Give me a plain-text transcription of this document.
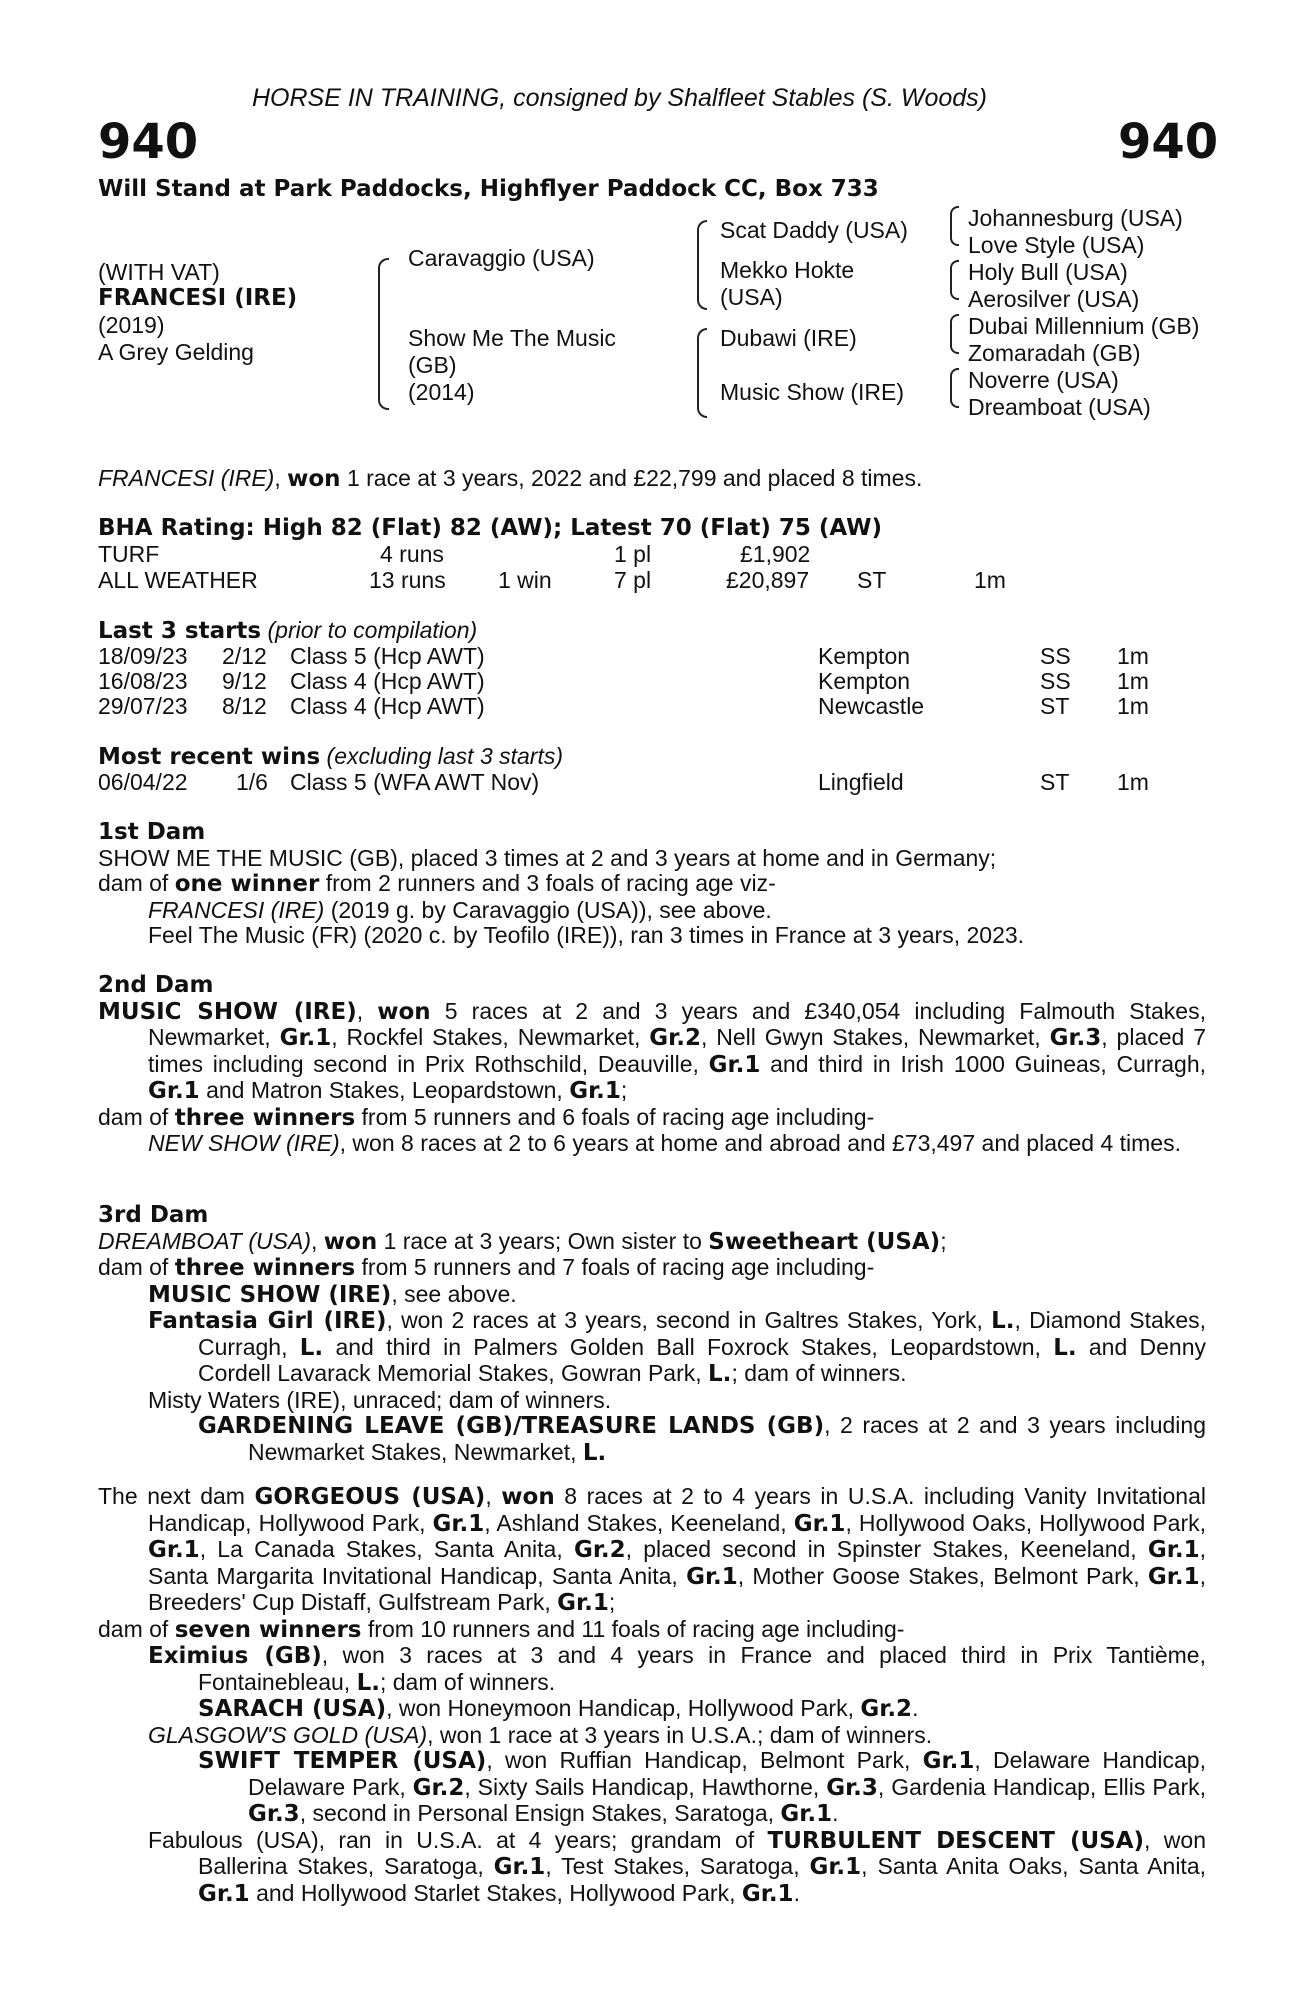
HORSE IN TRAINING, consigned by Shalfleet Stables (S. Woods)
940	940
Will Stand at Park Paddocks, Highflyer Paddock CC, Box 733
(WITH VAT)
FRANCESI (IRE)
(2019)
A Grey Gelding
Caravaggio (USA)
Show Me The Music
(GB)
(2014)
Scat Daddy (USA)
Mekko Hokte
(USA)
Dubawi (IRE)
Music Show (IRE)
Johannesburg (USA)
Love Style (USA)
Holy Bull (USA)
Aerosilver (USA)
Dubai Millennium (GB)
Zomaradah (GB)
Noverre (USA)
Dreamboat (USA)
FRANCESI (IRE), won 1 race at 3 years, 2022 and £22,799 and placed 8 times.
BHA Rating: High 82 (Flat) 82 (AW); Latest 70 (Flat) 75 (AW)
TURF	4 runs	1 pl	£1,902
ALL WEATHER	13 runs 1 win	7 pl	£20,897 ST	1m
Last 3 starts (prior to compilation)
18/09/23 2/12 Class 5 (Hcp AWT)	Kempton	SS 1m
16/08/23 9/12 Class 4 (Hcp AWT)	Kempton	SS 1m
29/07/23 8/12 Class 4 (Hcp AWT)	Newcastle	ST 1m
Most recent wins (excluding last 3 starts)
06/04/22 1/6 Class 5 (WFA AWT Nov)	Lingfield	ST 1m

1st Dam

SHOW ME THE MUSIC (GB), placed 3 times at 2 and 3 years at home and in Germany;

dam of one winner from 2 runners and 3 foals of racing age viz-

FRANCESI (IRE) (2019 g. by Caravaggio (USA)), see above.

Feel The Music (FR) (2020 c. by Teofilo (IRE)), ran 3 times in France at 3 years, 2023.

2nd Dam

MUSIC SHOW (IRE), won 5 races at 2 and 3 years and £340,054 including Falmouth Stakes, Newmarket, Gr.1, Rockfel Stakes, Newmarket, Gr.2, Nell Gwyn Stakes, Newmarket, Gr.3, placed 7 times including second in Prix Rothschild, Deauville, Gr.1 and third in Irish 1000 Guineas, Curragh, Gr.1 and Matron Stakes, Leopardstown, Gr.1;

dam of three winners from 5 runners and 6 foals of racing age including-

NEW SHOW (IRE), won 8 races at 2 to 6 years at home and abroad and £73,497 and placed 4 times.

3rd Dam

DREAMBOAT (USA), won 1 race at 3 years; Own sister to Sweetheart (USA);

dam of three winners from 5 runners and 7 foals of racing age including-

MUSIC SHOW (IRE), see above.

Fantasia Girl (IRE), won 2 races at 3 years, second in Galtres Stakes, York, L., Diamond Stakes, Curragh, L. and third in Palmers Golden Ball Foxrock Stakes, Leopardstown, L. and Denny Cordell Lavarack Memorial Stakes, Gowran Park, L.; dam of winners.

Misty Waters (IRE), unraced; dam of winners.

GARDENING LEAVE (GB)/TREASURE LANDS (GB), 2 races at 2 and 3 years including Newmarket Stakes, Newmarket, L.

The next dam GORGEOUS (USA), won 8 races at 2 to 4 years in U.S.A. including Vanity Invitational Handicap, Hollywood Park, Gr.1, Ashland Stakes, Keeneland, Gr.1, Hollywood Oaks, Hollywood Park, Gr.1, La Canada Stakes, Santa Anita, Gr.2, placed second in Spinster Stakes, Keeneland, Gr.1, Santa Margarita Invitational Handicap, Santa Anita, Gr.1, Mother Goose Stakes, Belmont Park, Gr.1, Breeders' Cup Distaff, Gulfstream Park, Gr.1;

dam of seven winners from 10 runners and 11 foals of racing age including-

Eximius (GB), won 3 races at 3 and 4 years in France and placed third in Prix Tantième, Fontainebleau, L.; dam of winners.

SARACH (USA), won Honeymoon Handicap, Hollywood Park, Gr.2.

GLASGOW'S GOLD (USA), won 1 race at 3 years in U.S.A.; dam of winners.

SWIFT TEMPER (USA), won Ruffian Handicap, Belmont Park, Gr.1, Delaware Handicap, Delaware Park, Gr.2, Sixty Sails Handicap, Hawthorne, Gr.3, Gardenia Handicap, Ellis Park, Gr.3, second in Personal Ensign Stakes, Saratoga, Gr.1.

Fabulous (USA), ran in U.S.A. at 4 years; grandam of TURBULENT DESCENT (USA), won Ballerina Stakes, Saratoga, Gr.1, Test Stakes, Saratoga, Gr.1, Santa Anita Oaks, Santa Anita, Gr.1 and Hollywood Starlet Stakes, Hollywood Park, Gr.1.
